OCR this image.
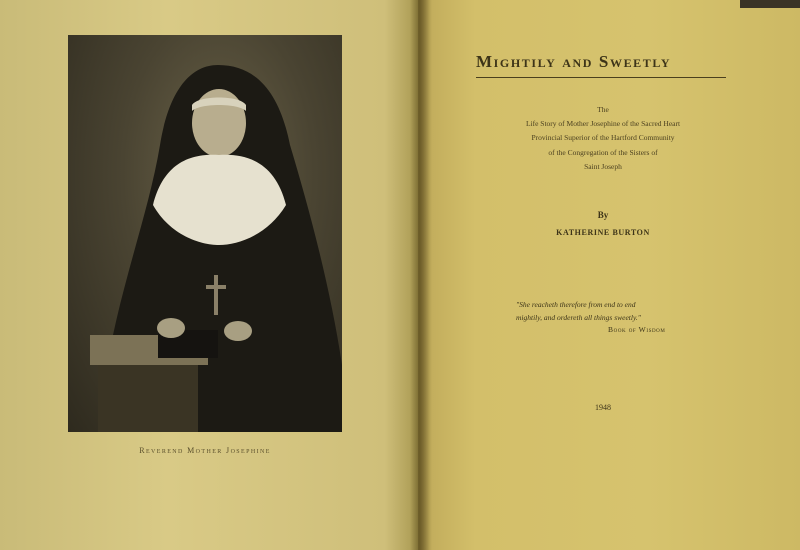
Reverend Mother Josephine
Mightily and Sweetly
The
Life Story of Mother Josephine of the Sacred Heart
Provincial Superior of the Hartford Community
of the Congregation of the Sisters of
Saint Joseph
By
KATHERINE BURTON
"She reacheth therefore from end to end
mightily, and ordereth all things sweetly."
Book of Wisdom
1948
